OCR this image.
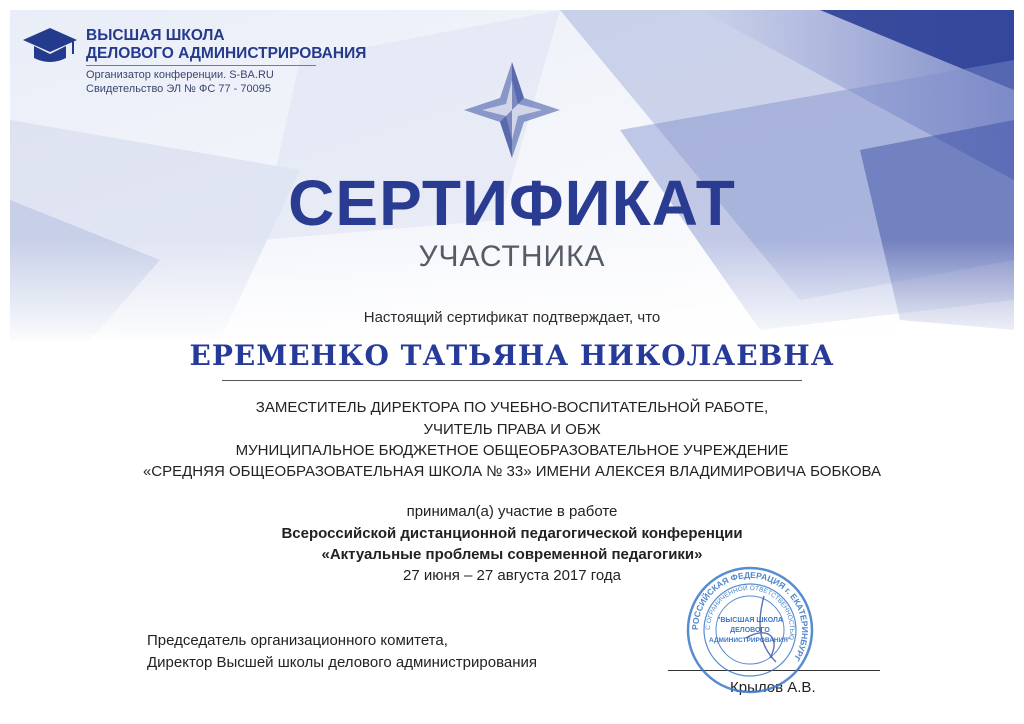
ВЫСШАЯ ШКОЛА
ДЕЛОВОГО АДМИНИСТРИРОВАНИЯ
Организатор конференции. S-BA.RU
Свидетельство ЭЛ № ФС 77 - 70095
СЕРТИФИКАТ
УЧАСТНИКА
Настоящий сертификат подтверждает, что
ЕРЕМЕНКО ТАТЬЯНА НИКОЛАЕВНА
ЗАМЕСТИТЕЛЬ ДИРЕКТОРА ПО УЧЕБНО-ВОСПИТАТЕЛЬНОЙ РАБОТЕ,
УЧИТЕЛЬ ПРАВА И ОБЖ
МУНИЦИПАЛЬНОЕ БЮДЖЕТНОЕ ОБЩЕОБРАЗОВАТЕЛЬНОЕ УЧРЕЖДЕНИЕ
«СРЕДНЯЯ ОБЩЕОБРАЗОВАТЕЛЬНАЯ ШКОЛА № 33» ИМЕНИ АЛЕКСЕЯ ВЛАДИМИРОВИЧА БОБКОВА
принимал(а) участие в работе
Всероссийской дистанционной педагогической конференции
«Актуальные проблемы современной педагогики»
27 июня – 27 августа 2017 года
Председатель организационного комитета,
Директор Высшей школы делового администрирования
Крылов А.В.
РОССИЙСКАЯ ФЕДЕРАЦИЯ г. ЕКАТЕРИНБУРГ
С ОГРАНИЧЕННОЙ ОТВЕТСТВЕННОСТЬЮ
"ВЫСШАЯ ШКОЛА
ДЕЛОВОГО
АДМИНИСТРИРОВАНИЯ"
